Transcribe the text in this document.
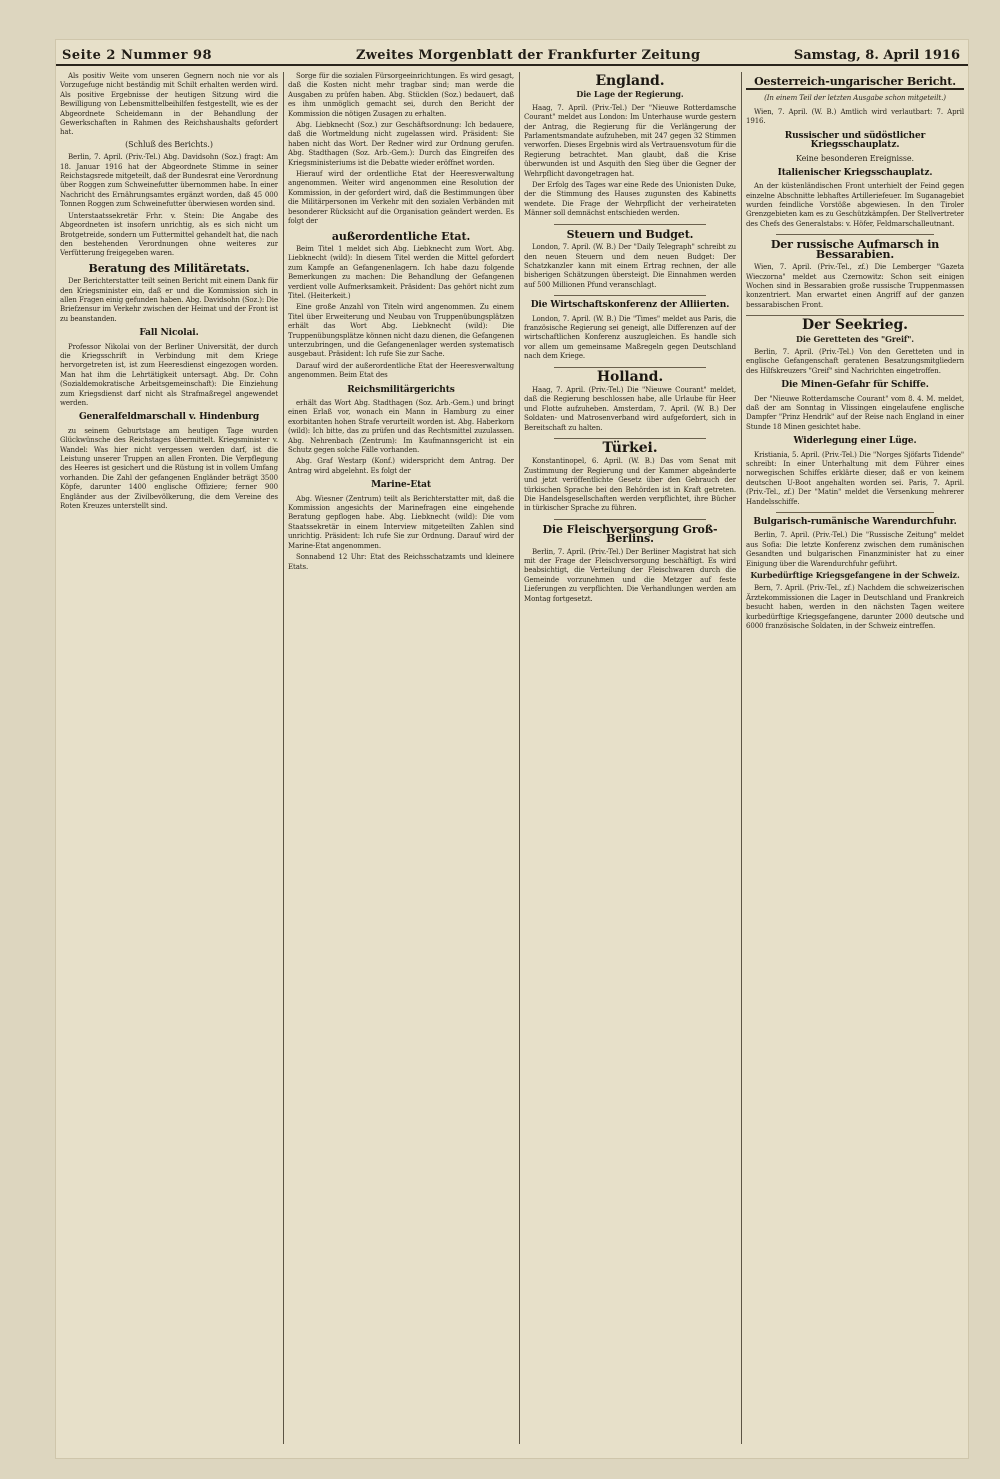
Seite 2 Nummer 98	Zweites Morgenblatt der Frankfurter Zeitung	Samstag, 8. April 1916

Als positiv Weite vom unseren Gegnern noch nie vor als Vorzugefuge nicht beständig mit Schilt erhalten werden wird. Als positive Ergebnisse der heutigen Sitzung wird die Bewilligung von Lebensmittelbeihilfen festgestellt, wie es der Abgeordnete Scheidemann in der Behandlung der Gewerkschaften in Rahmen des Reichshaushalts gefordert hat.

(Schluß des Berichts.)

Berlin, 7. April. (Priv.-Tel.) Abg. Davidsohn (Soz.) fragt: Am 18. Januar 1916 hat der Abgeordnete Stimme in seiner Reichstagsrede mitgeteilt, daß der Bundesrat eine Verordnung über Roggen zum Schweinefutter übernommen habe. In einer Nachricht des Ernährungsamtes ergänzt worden, daß 45 000 Tonnen Roggen zum Schweinefutter überwiesen worden sind.

Unterstaatssekretär Frhr. v. Stein: Die Angabe des Abgeordneten ist insofern unrichtig, als es sich nicht um Brotgetreide, sondern um Futtermittel gehandelt hat, die nach den bestehenden Verordnungen ohne weiteres zur Verfütterung freigegeben waren.

Beratung des Militäretats.

Der Berichterstatter teilt seinen Bericht mit einem Dank für den Kriegsminister ein, daß er und die Kommission sich in allen Fragen einig gefunden haben. Abg. Davidsohn (Soz.): Die Briefzensur im Verkehr zwischen der Heimat und der Front ist zu beanstanden.

Fall Nicolai.

Professor Nikolai von der Berliner Universität, der durch die Kriegsschrift in Verbindung mit dem Kriege hervorgetreten ist, ist zum Heeresdienst eingezogen worden. Man hat ihm die Lehrtätigkeit untersagt. Abg. Dr. Cohn (Sozialdemokratische Arbeitsgemeinschaft): Die Einziehung zum Kriegsdienst darf nicht als Strafmaßregel angewendet werden.

Generalfeldmarschall v. Hindenburg

zu seinem Geburtstage am heutigen Tage wurden Glückwünsche des Reichstages übermittelt. Kriegsminister v. Wandel: Was hier nicht vergessen werden darf, ist die Leistung unserer Truppen an allen Fronten. Die Verpflegung des Heeres ist gesichert und die Rüstung ist in vollem Umfang vorhanden. Die Zahl der gefangenen Engländer beträgt 3500 Köpfe, darunter 1400 englische Offiziere; ferner 900 Engländer aus der Zivilbevölkerung, die dem Vereine des Roten Kreuzes unterstellt sind.

Sorge für die sozialen Fürsorgeeinrichtungen. Es wird gesagt, daß die Kosten nicht mehr tragbar sind; man werde die Ausgaben zu prüfen haben. Abg. Stücklen (Soz.) bedauert, daß es ihm unmöglich gemacht sei, durch den Bericht der Kommission die nötigen Zusagen zu erhalten.

Abg. Liebknecht (Soz.) zur Geschäftsordnung: Ich bedauere, daß die Wortmeldung nicht zugelassen wird. Präsident: Sie haben nicht das Wort. Der Redner wird zur Ordnung gerufen. Abg. Stadthagen (Soz. Arb.-Gem.): Durch das Eingreifen des Kriegsministeriums ist die Debatte wieder eröffnet worden.

Hierauf wird der ordentliche Etat der Heeresverwaltung angenommen. Weiter wird angenommen eine Resolution der Kommission, in der gefordert wird, daß die Bestimmungen über die Militärpersonen im Verkehr mit den sozialen Verbänden mit besonderer Rücksicht auf die Organisation geändert werden. Es folgt der

außerordentliche Etat.

Beim Titel 1 meldet sich Abg. Liebknecht zum Wort. Abg. Liebknecht (wild): In diesem Titel werden die Mittel gefordert zum Kampfe an Gefangenenlagern. Ich habe dazu folgende Bemerkungen zu machen: Die Behandlung der Gefangenen verdient volle Aufmerksamkeit. Präsident: Das gehört nicht zum Titel. (Heiterkeit.)

Eine große Anzahl von Titeln wird angenommen. Zu einem Titel über Erweiterung und Neubau von Truppenübungsplätzen erhält das Wort Abg. Liebknecht (wild): Die Truppenübungsplätze können nicht dazu dienen, die Gefangenen unterzubringen, und die Gefangenenlager werden systematisch ausgebaut. Präsident: Ich rufe Sie zur Sache.

Darauf wird der außerordentliche Etat der Heeresverwaltung angenommen. Beim Etat des

Reichsmilitärgerichts

erhält das Wort Abg. Stadthagen (Soz. Arb.-Gem.) und bringt einen Erlaß vor, wonach ein Mann in Hamburg zu einer exorbitanten hohen Strafe verurteilt worden ist. Abg. Haberkorn (wild): Ich bitte, das zu prüfen und das Rechtsmittel zuzulassen. Abg. Nehrenbach (Zentrum): Im Kaufmannsgericht ist ein Schutz gegen solche Fälle vorhanden.

Abg. Graf Westarp (Konf.) widerspricht dem Antrag. Der Antrag wird abgelehnt. Es folgt der

Marine-Etat

Abg. Wiesner (Zentrum) teilt als Berichterstatter mit, daß die Kommission angesichts der Marinefragen eine eingehende Beratung gepflogen habe. Abg. Liebknecht (wild): Die vom Staatssekretär in einem Interview mitgeteilten Zahlen sind unrichtig. Präsident: Ich rufe Sie zur Ordnung. Darauf wird der Marine-Etat angenommen.

Sonnabend 12 Uhr: Etat des Reichsschatzamts und kleinere Etats.

England.
Die Lage der Regierung.

Haag, 7. April. (Priv.-Tel.) Der "Nieuwe Rotterdamsche Courant" meldet aus London: Im Unterhause wurde gestern der Antrag, die Regierung für die Verlängerung der Parlamentsmandate aufzuheben, mit 247 gegen 32 Stimmen verworfen. Dieses Ergebnis wird als Vertrauensvotum für die Regierung betrachtet. Man glaubt, daß die Krise überwunden ist und Asquith den Sieg über die Gegner der Wehrpflicht davongetragen hat.

Der Erfolg des Tages war eine Rede des Unionisten Duke, der die Stimmung des Hauses zugunsten des Kabinetts wendete. Die Frage der Wehrpflicht der verheirateten Männer soll demnächst entschieden werden.

Steuern und Budget.

London, 7. April. (W. B.) Der "Daily Telegraph" schreibt zu den neuen Steuern und dem neuen Budget: Der Schatzkanzler kann mit einem Ertrag rechnen, der alle bisherigen Schätzungen übersteigt. Die Einnahmen werden auf 500 Millionen Pfund veranschlagt.

Die Wirtschaftskonferenz der Alliierten.

London, 7. April. (W. B.) Die "Times" meldet aus Paris, die französische Regierung sei geneigt, alle Differenzen auf der wirtschaftlichen Konferenz auszugleichen. Es handle sich vor allem um gemeinsame Maßregeln gegen Deutschland nach dem Kriege.

Holland.

Haag, 7. April. (Priv.-Tel.) Die "Nieuwe Courant" meldet, daß die Regierung beschlossen habe, alle Urlaube für Heer und Flotte aufzuheben. Amsterdam, 7. April. (W. B.) Der Soldaten- und Matrosenverband wird aufgefordert, sich in Bereitschaft zu halten.

Türkei.

Konstantinopel, 6. April. (W. B.) Das vom Senat mit Zustimmung der Regierung und der Kammer abgeänderte und jetzt veröffentlichte Gesetz über den Gebrauch der türkischen Sprache bei den Behörden ist in Kraft getreten. Die Handelsgesellschaften werden verpflichtet, ihre Bücher in türkischer Sprache zu führen.

Die Fleischversorgung Groß-Berlins.

Berlin, 7. April. (Priv.-Tel.) Der Berliner Magistrat hat sich mit der Frage der Fleischversorgung beschäftigt. Es wird beabsichtigt, die Verteilung der Fleischwaren durch die Gemeinde vorzunehmen und die Metzger auf feste Lieferungen zu verpflichten. Die Verhandlungen werden am Montag fortgesetzt.

Oesterreich-ungarischer Bericht.
(In einem Teil der letzten Ausgabe schon mitgeteilt.)

Wien, 7. April. (W. B.) Amtlich wird verlautbart: 7. April 1916.

Russischer und südöstlicher Kriegsschauplatz.
Keine besonderen Ereignisse.
Italienischer Kriegsschauplatz.

An der küstenländischen Front unterhielt der Feind gegen einzelne Abschnitte lebhaftes Artilleriefeuer. Im Suganagebiet wurden feindliche Vorstöße abgewiesen. In den Tiroler Grenzgebieten kam es zu Geschützkämpfen. Der Stellvertreter des Chefs des Generalstabs: v. Höfer, Feldmarschalleutnant.

Der russische Aufmarsch in Bessarabien.

Wien, 7. April. (Priv.-Tel., zf.) Die Lemberger "Gazeta Wieczorna" meldet aus Czernowitz: Schon seit einigen Wochen sind in Bessarabien große russische Truppenmassen konzentriert. Man erwartet einen Angriff auf der ganzen bessarabischen Front.

Der Seekrieg.
Die Geretteten des "Greif".

Berlin, 7. April. (Priv.-Tel.) Von den Geretteten und in englische Gefangenschaft geratenen Besatzungsmitgliedern des Hilfskreuzers "Greif" sind Nachrichten eingetroffen.

Die Minen-Gefahr für Schiffe.

Der "Nieuwe Rotterdamsche Courant" vom 8. 4. M. meldet, daß der am Sonntag in Vlissingen eingelaufene englische Dampfer "Prinz Hendrik" auf der Reise nach England in einer Stunde 18 Minen gesichtet habe.

Widerlegung einer Lüge.

Kristiania, 5. April. (Priv.-Tel.) Die "Norges Sjöfarts Tidende" schreibt: In einer Unterhaltung mit dem Führer eines norwegischen Schiffes erklärte dieser, daß er von keinem deutschen U-Boot angehalten worden sei. Paris, 7. April. (Priv.-Tel., zf.) Der "Matin" meldet die Versenkung mehrerer Handelsschiffe.

Bulgarisch-rumänische Warendurchfuhr.

Berlin, 7. April. (Priv.-Tel.) Die "Russische Zeitung" meldet aus Sofia: Die letzte Konferenz zwischen dem rumänischen Gesandten und bulgarischen Finanzminister hat zu einer Einigung über die Warendurchfuhr geführt.

Kurbedürftige Kriegsgefangene in der Schweiz.

Bern, 7. April. (Priv.-Tel., zf.) Nachdem die schweizerischen Ärztekommissionen die Lager in Deutschland und Frankreich besucht haben, werden in den nächsten Tagen weitere kurbedürftige Kriegsgefangene, darunter 2000 deutsche und 6000 französische Soldaten, in der Schweiz eintreffen.
